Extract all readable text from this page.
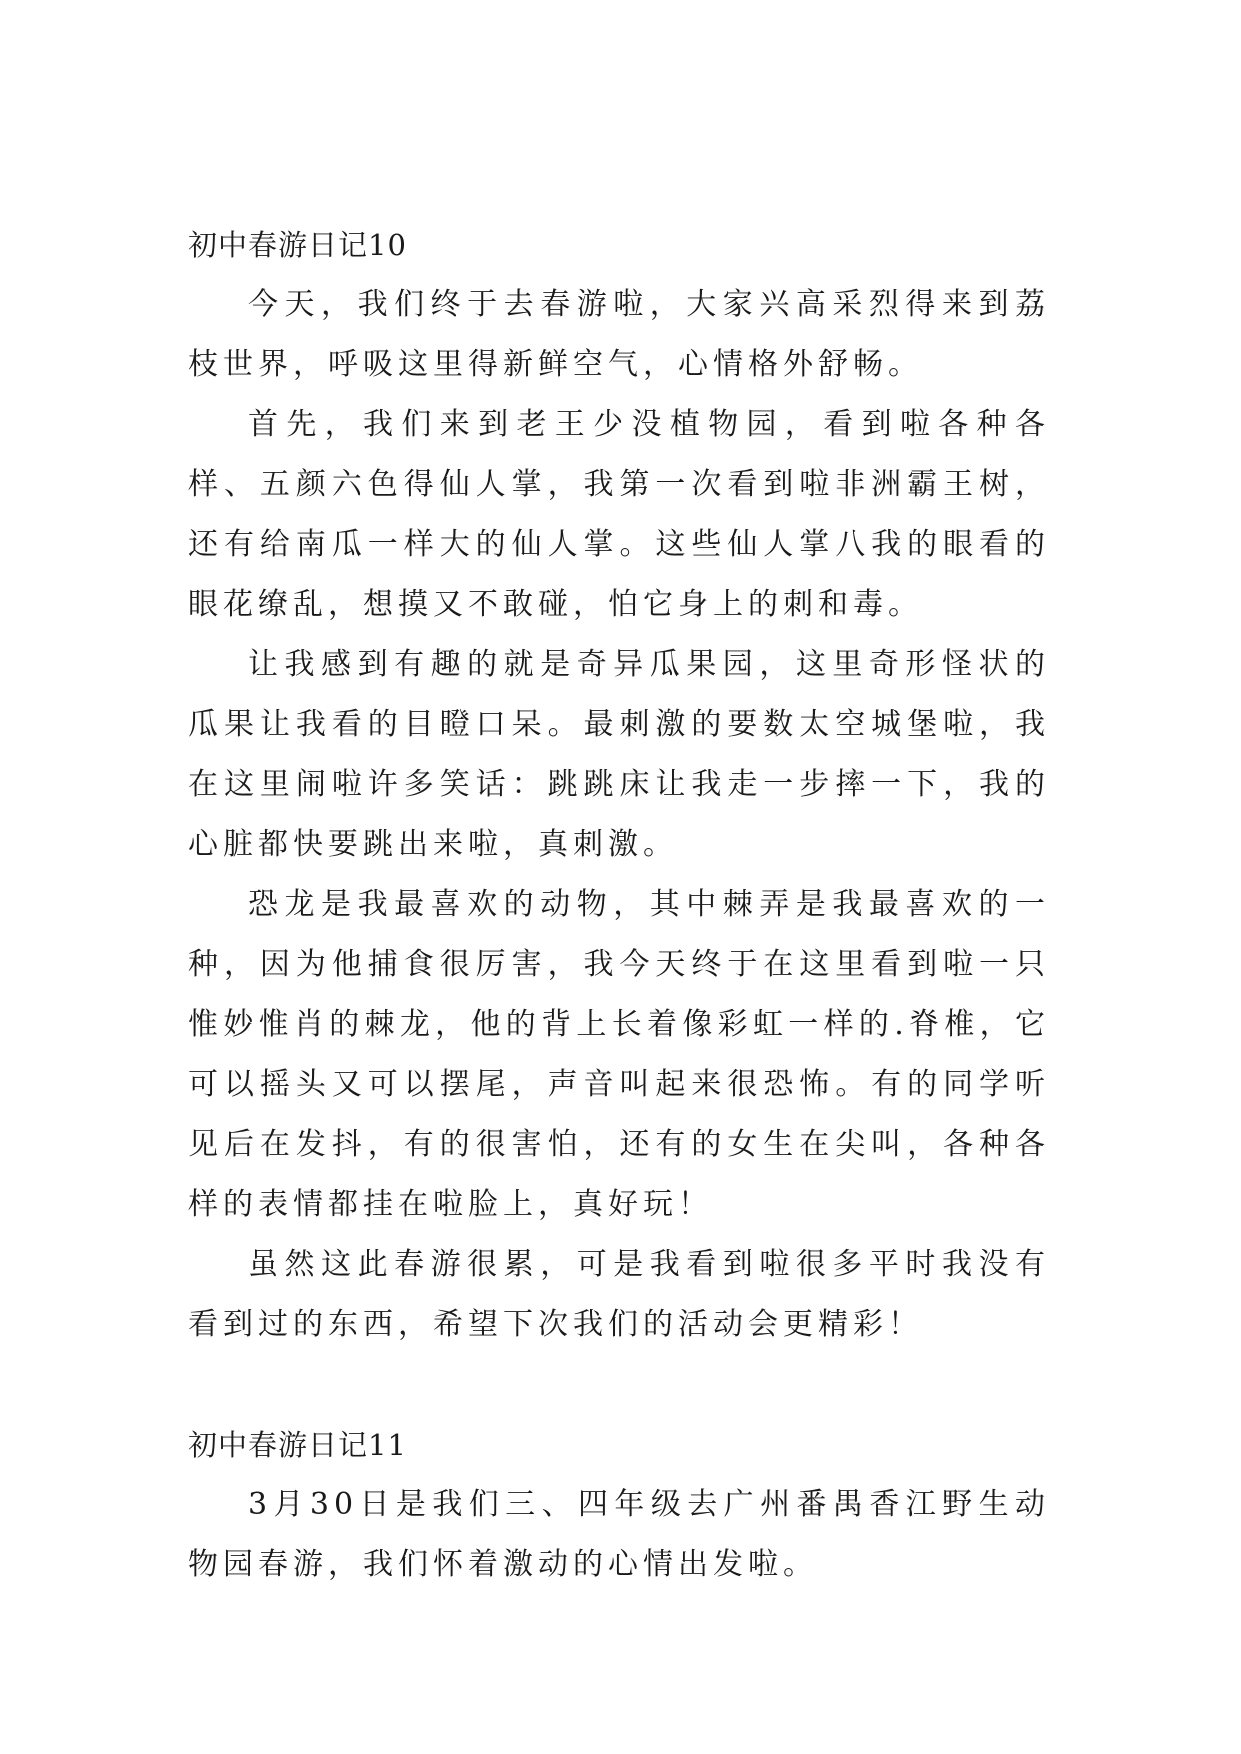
初中春游日记10

今天，我们终于去春游啦，大家兴高采烈得来到荔枝世界，呼吸这里得新鲜空气，心情格外舒畅。

首先，我们来到老王少没植物园，看到啦各种各样、五颜六色得仙人掌，我第一次看到啦非洲霸王树，还有给南瓜一样大的仙人掌。这些仙人掌八我的眼看的眼花缭乱，想摸又不敢碰，怕它身上的刺和毒。

让我感到有趣的就是奇异瓜果园，这里奇形怪状的瓜果让我看的目瞪口呆。最刺激的要数太空城堡啦，我在这里闹啦许多笑话：跳跳床让我走一步摔一下，我的心脏都快要跳出来啦，真刺激。

恐龙是我最喜欢的动物，其中棘弄是我最喜欢的一种，因为他捕食很厉害，我今天终于在这里看到啦一只惟妙惟肖的棘龙，他的背上长着像彩虹一样的.脊椎，它可以摇头又可以摆尾，声音叫起来很恐怖。有的同学听见后在发抖，有的很害怕，还有的女生在尖叫，各种各样的表情都挂在啦脸上，真好玩！

虽然这此春游很累，可是我看到啦很多平时我没有看到过的东西，希望下次我们的活动会更精彩！

初中春游日记11

3月30日是我们三、四年级去广州番禺香江野生动物园春游，我们怀着激动的心情出发啦。
